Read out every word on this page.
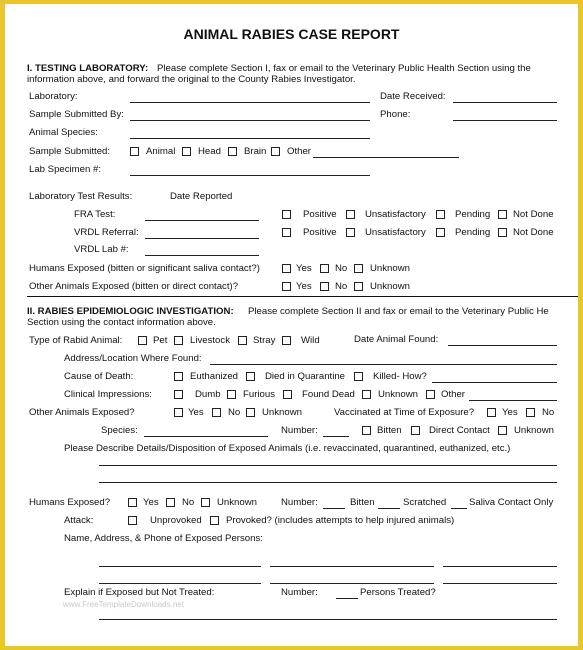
ANIMAL RABIES CASE REPORT
I. TESTING LABORATORY: Please complete Section I, fax or email to the Veterinary Public Health Section using the
information above, and forward the original to the County Rabies Investigator.
Laboratory:	Date Received:
Sample Submitted By:	Phone:
Animal Species:
Sample Submitted:	Animal Head Brain Other
Lab Specimen #:
Laboratory Test Results:	Date Reported
FRA Test:	Positive	Unsatisfactory	Pending Not Done
VRDL Referral:	Positive	Unsatisfactory	Pending Not Done
VRDL Lab #:
Humans Exposed (bitten or significant saliva contact?)	Yes No Unknown
Other Animals Exposed (bitten or direct contact)?	Yes No Unknown
II. RABIES EPIDEMIOLOGIC INVESTIGATION: Please complete Section II and fax or email to the Veterinary Public He
Section using the contact information above.
Type of Rabid Animal:	Pet Livestock Stray	Wild	Date Animal Found:
Address/Location Where Found:
Cause of Death:	Euthanized	Died in Quarantine	Killed- How?
Clinical Impressions:	Dumb Furious	Found Dead Unknown Other
Other Animals Exposed?	Yes	No Unknown	Vaccinated at Time of Exposure?	Yes	No
Species:	Number:	Bitten	Direct Contact	Unknown
Please Describe Details/Disposition of Exposed Animals (i.e. revaccinated, quarantined, euthanized, etc.)
Humans Exposed?	Yes No Unknown	Number:	Bitten	Scratched Saliva Contact Only
Attack:	Unprovoked	Provoked? (includes attempts to help injured animals)
Name, Address, & Phone of Exposed Persons:
Explain if Exposed but Not Treated:	Number:	Persons Treated?
www.FreeTemplateDownloads.net
